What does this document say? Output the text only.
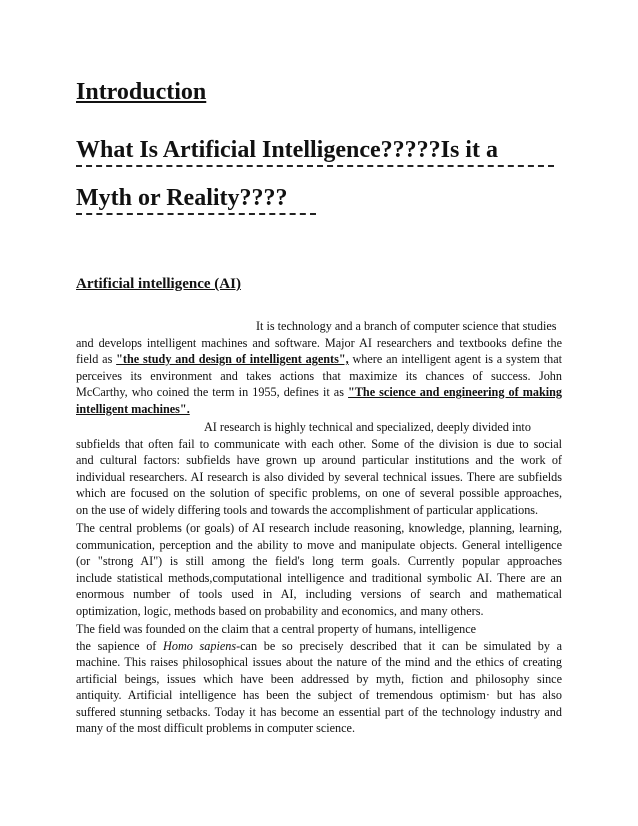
Introduction
What Is Artificial Intelligence?????Is it a
Myth or Reality????
Artificial intelligence (AI)
It is technology and a branch of computer science that studies
and develops intelligent machines and software. Major AI researchers and textbooks define the
field as "the study and design of intelligent agents", where an intelligent agent is a system that
perceives its environment and takes actions that maximize its chances of success. John
McCarthy, who coined the term in 1955, defines it as "The science and engineering of making
intelligent machines".
AI research is highly technical and specialized, deeply divided into
subfields that often fail to communicate with each other. Some of the division is due to social
and cultural factors: subfields have grown up around particular institutions and the work of
individual researchers. AI research is also divided by several technical issues. There are subfields
which are focused on the solution of specific problems, on one of several possible approaches,
on the use of widely differing tools and towards the accomplishment of particular applications.
The central problems (or goals) of AI research include reasoning, knowledge, planning, learning,
communication, perception and the ability to move and manipulate objects. General intelligence
(or "strong AI") is still among the field's long term goals. Currently popular approaches
include statistical methods,computational intelligence and traditional symbolic AI. There are an
enormous number of tools used in AI, including versions of search and mathematical
optimization, logic, methods based on probability and economics, and many others.
The field was founded on the claim that a central property of humans, intelligence
the sapience of Homo sapiens-can be so precisely described that it can be simulated by a
machine. This raises philosophical issues about the nature of the mind and the ethics of creating
artificial beings, issues which have been addressed by myth, fiction and philosophy since
antiquity. Artificial intelligence has been the subject of tremendous optimism· but has also
suffered stunning setbacks. Today it has become an essential part of the technology industry and
many of the most difficult problems in computer science.
